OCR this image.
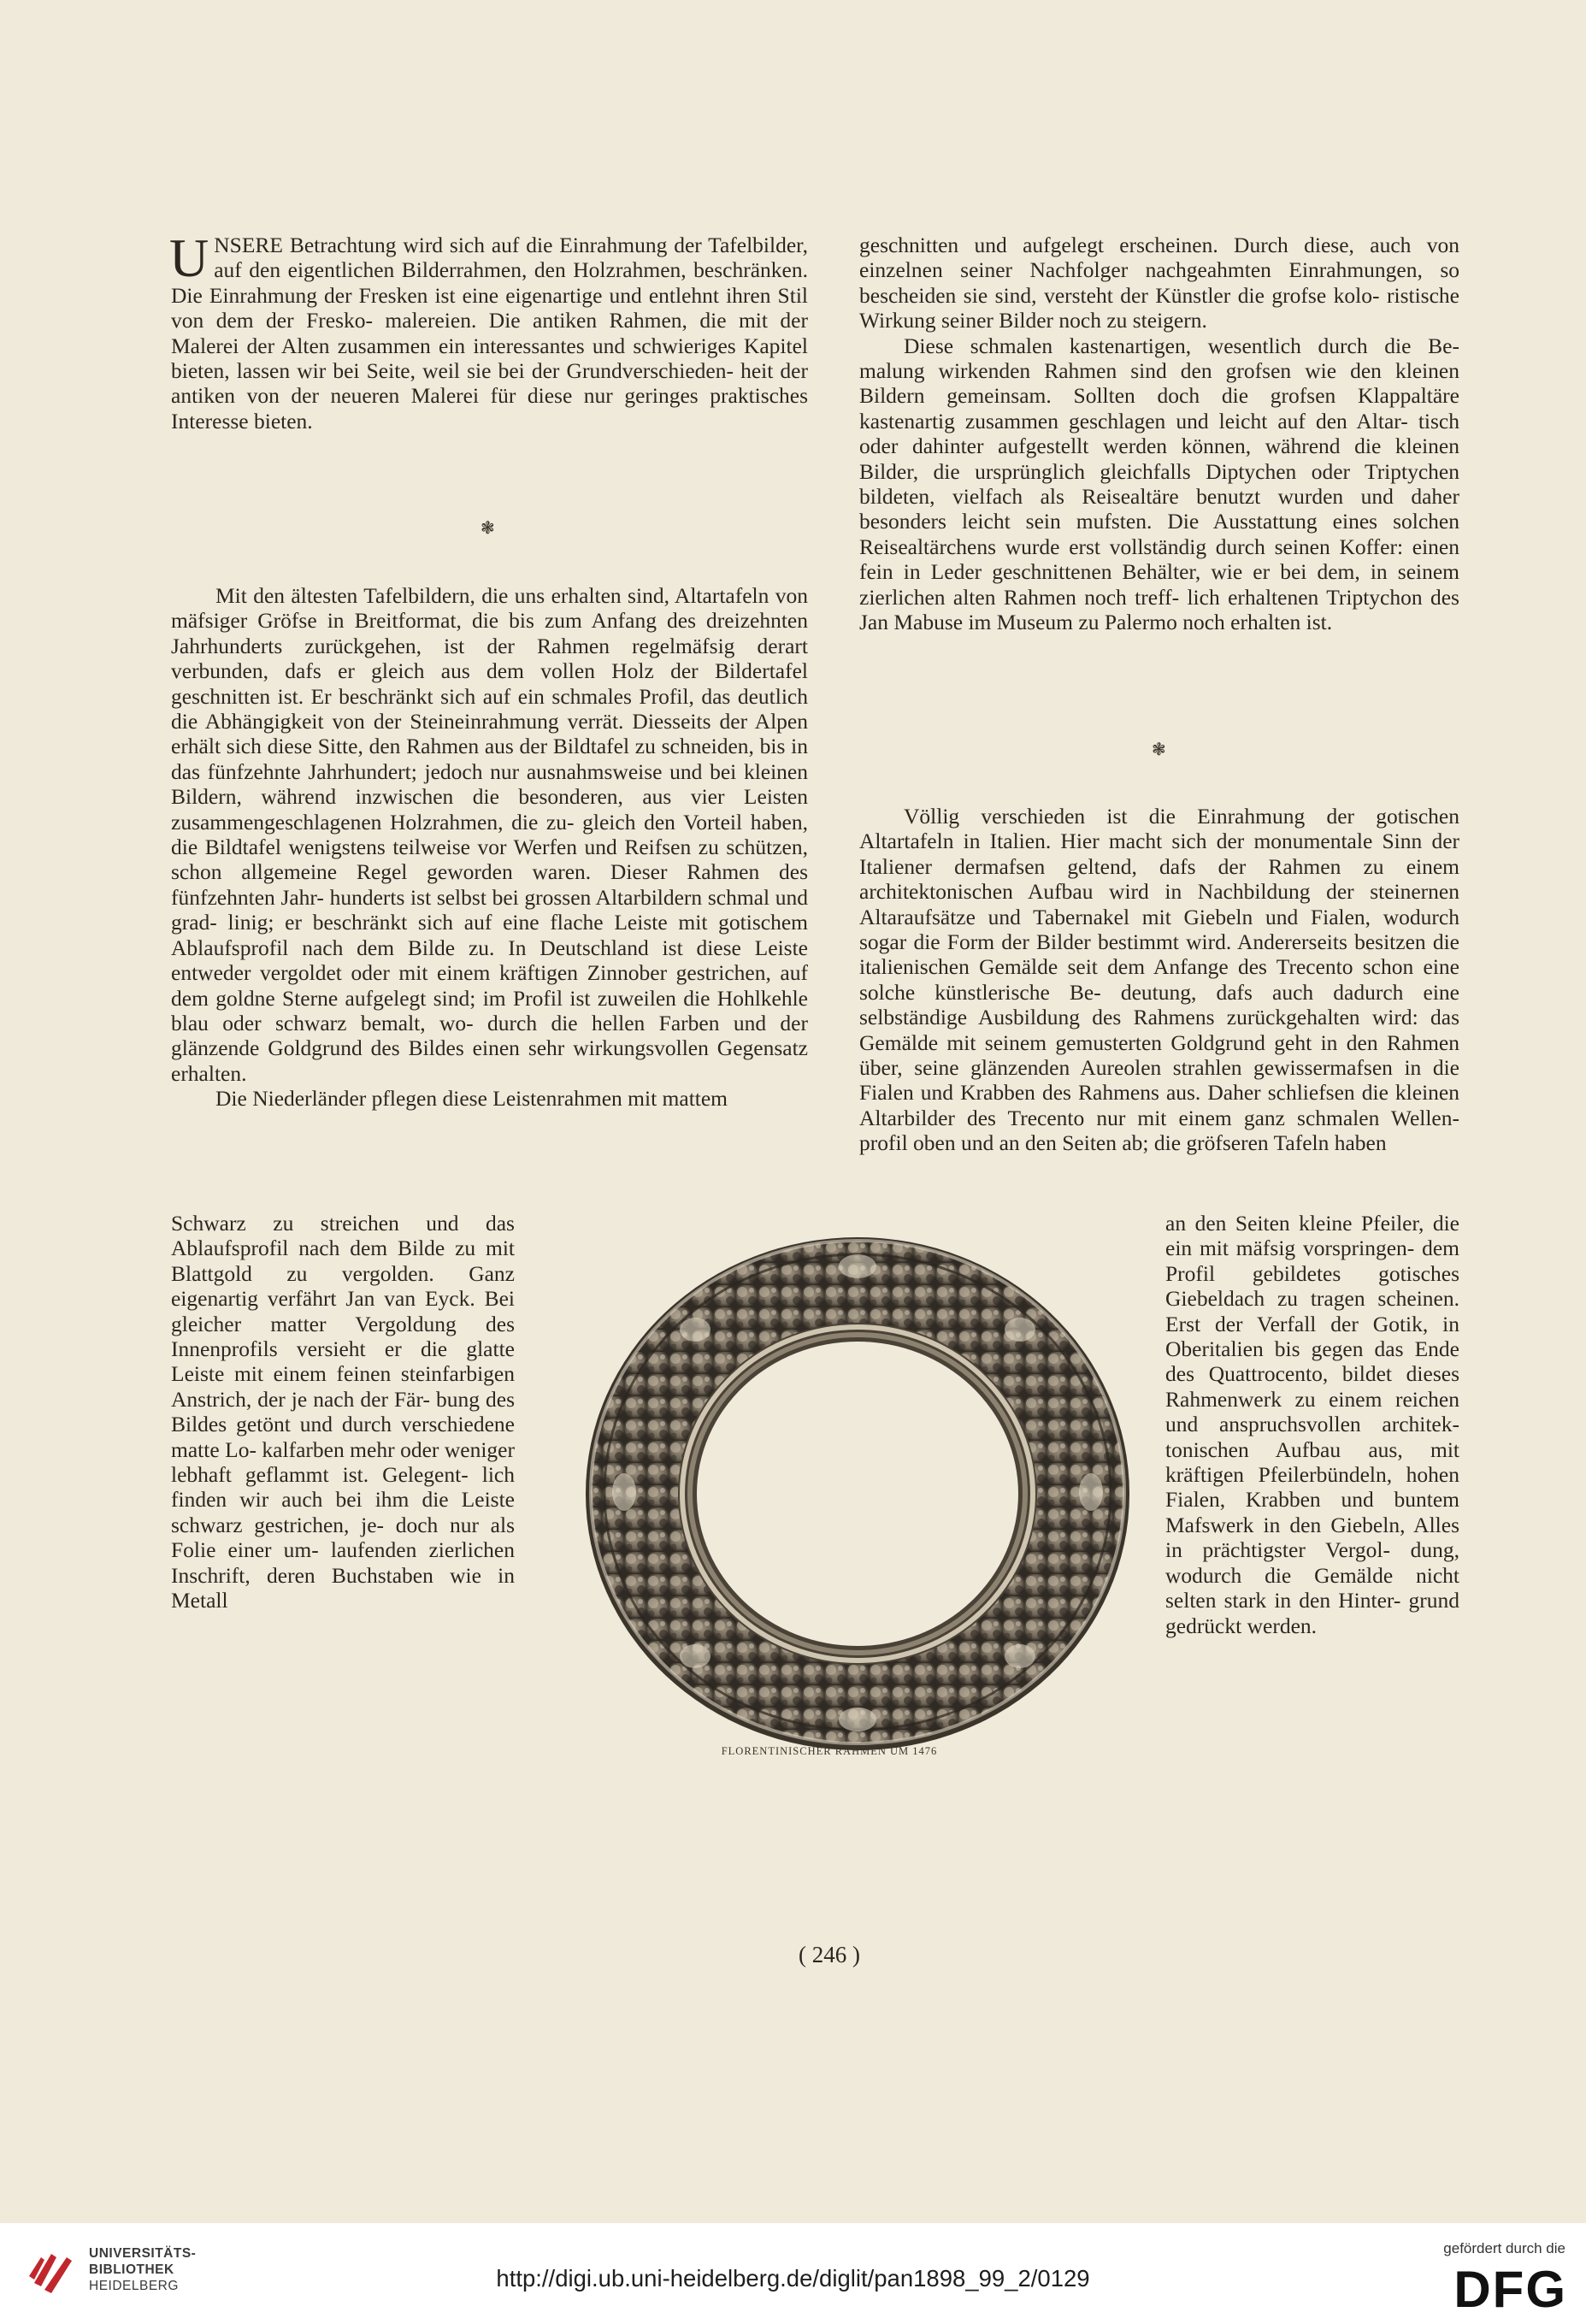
U NSERE Betrachtung wird sich auf die Einrahmung der Tafelbilder, auf den eigentlichen Bilderrahmen, den Holzrahmen, beschränken. Die Einrahmung der Fresken ist eine eigenartige und entlehnt ihren Stil von dem der Fresko- malereien. Die antiken Rahmen, die mit der Malerei der Alten zusammen ein interessantes und schwieriges Kapitel bieten, lassen wir bei Seite, weil sie bei der Grundverschieden- heit der antiken von der neueren Malerei für diese nur geringes praktisches Interesse bieten.

❃

Mit den ältesten Tafelbildern, die uns erhalten sind, Altartafeln von mäfsiger Gröfse in Breitformat, die bis zum Anfang des dreizehnten Jahrhunderts zurückgehen, ist der Rahmen regelmäfsig derart verbunden, dafs er gleich aus dem vollen Holz der Bildertafel geschnitten ist. Er beschränkt sich auf ein schmales Profil, das deutlich die Abhängigkeit von der Steineinrahmung verrät. Diesseits der Alpen erhält sich diese Sitte, den Rahmen aus der Bildtafel zu schneiden, bis in das fünfzehnte Jahrhundert; jedoch nur ausnahmsweise und bei kleinen Bildern, während inzwischen die besonderen, aus vier Leisten zusammengeschlagenen Holzrahmen, die zu- gleich den Vorteil haben, die Bildtafel wenigstens teilweise vor Werfen und Reifsen zu schützen, schon allgemeine Regel geworden waren. Dieser Rahmen des fünfzehnten Jahr- hunderts ist selbst bei grossen Altarbildern schmal und grad- linig; er beschränkt sich auf eine flache Leiste mit gotischem Ablaufsprofil nach dem Bilde zu. In Deutschland ist diese Leiste entweder vergoldet oder mit einem kräftigen Zinnober gestrichen, auf dem goldne Sterne aufgelegt sind; im Profil ist zuweilen die Hohlkehle blau oder schwarz bemalt, wo- durch die hellen Farben und der glänzende Goldgrund des Bildes einen sehr wirkungsvollen Gegensatz erhalten.

Die Niederländer pflegen diese Leistenrahmen mit mattem

Schwarz zu streichen und das Ablaufsprofil nach dem Bilde zu mit Blattgold zu vergolden. Ganz eigenartig verfährt Jan van Eyck. Bei gleicher matter Vergoldung des Innenprofils versieht er die glatte Leiste mit einem feinen steinfarbigen Anstrich, der je nach der Fär- bung des Bildes getönt und durch verschiedene matte Lo- kalfarben mehr oder weniger lebhaft geflammt ist. Gelegent- lich finden wir auch bei ihm die Leiste schwarz gestrichen, je- doch nur als Folie einer um- laufenden zierlichen Inschrift, deren Buchstaben wie in Metall

geschnitten und aufgelegt erscheinen. Durch diese, auch von einzelnen seiner Nachfolger nachgeahmten Einrahmungen, so bescheiden sie sind, versteht der Künstler die grofse kolo- ristische Wirkung seiner Bilder noch zu steigern.

Diese schmalen kastenartigen, wesentlich durch die Be- malung wirkenden Rahmen sind den grofsen wie den kleinen Bildern gemeinsam. Sollten doch die grofsen Klappaltäre kastenartig zusammen geschlagen und leicht auf den Altar- tisch oder dahinter aufgestellt werden können, während die kleinen Bilder, die ursprünglich gleichfalls Diptychen oder Triptychen bildeten, vielfach als Reisealtäre benutzt wurden und daher besonders leicht sein mufsten. Die Ausstattung eines solchen Reisealtärchens wurde erst vollständig durch seinen Koffer: einen fein in Leder geschnittenen Behälter, wie er bei dem, in seinem zierlichen alten Rahmen noch treff- lich erhaltenen Triptychon des Jan Mabuse im Museum zu Palermo noch erhalten ist.

❃

Völlig verschieden ist die Einrahmung der gotischen Altartafeln in Italien. Hier macht sich der monumentale Sinn der Italiener dermafsen geltend, dafs der Rahmen zu einem architektonischen Aufbau wird in Nachbildung der steinernen Altaraufsätze und Tabernakel mit Giebeln und Fialen, wodurch sogar die Form der Bilder bestimmt wird. Andererseits besitzen die italienischen Gemälde seit dem Anfange des Trecento schon eine solche künstlerische Be- deutung, dafs auch dadurch eine selbständige Ausbildung des Rahmens zurückgehalten wird: das Gemälde mit seinem gemusterten Goldgrund geht in den Rahmen über, seine glänzenden Aureolen strahlen gewissermafsen in die Fialen und Krabben des Rahmens aus. Daher schliefsen die kleinen Altarbilder des Trecento nur mit einem ganz schmalen Wellen- profil oben und an den Seiten ab; die gröfseren Tafeln haben

an den Seiten kleine Pfeiler, die ein mit mäfsig vorspringen- dem Profil gebildetes gotisches Giebeldach zu tragen scheinen. Erst der Verfall der Gotik, in Oberitalien bis gegen das Ende des Quattrocento, bildet dieses Rahmenwerk zu einem reichen und anspruchsvollen architek- tonischen Aufbau aus, mit kräftigen Pfeilerbündeln, hohen Fialen, Krabben und buntem Mafswerk in den Giebeln, Alles in prächtigster Vergol- dung, wodurch die Gemälde nicht selten stark in den Hinter- grund gedrückt werden.

FLORENTINISCHER RAHMEN UM 1476
( 246 )
UNIVERSITÄTS-
BIBLIOTHEK
HEIDELBERG	http://digi.ub.uni-heidelberg.de/diglit/pan1898_99_2/0129
gefördert durch die
DFG
